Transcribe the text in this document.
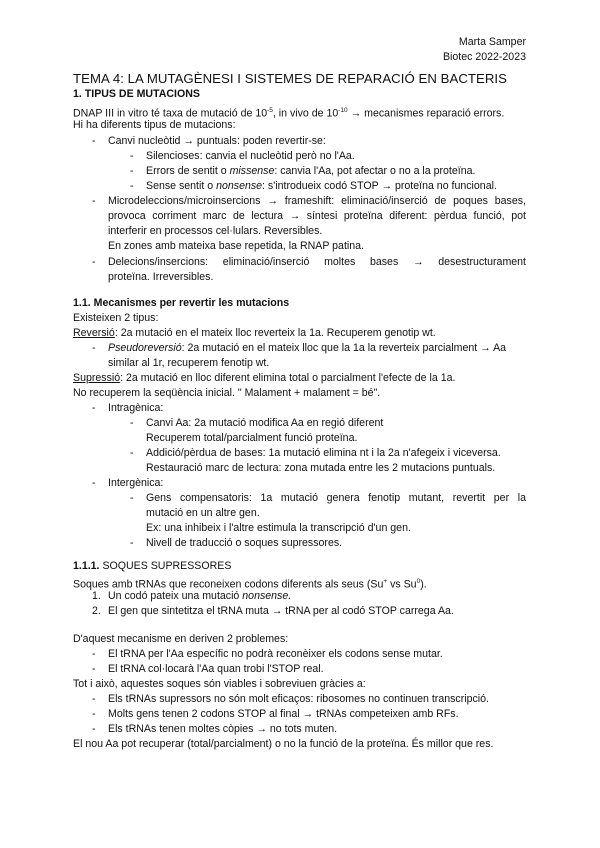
Marta Samper
Biotec 2022-2023
TEMA 4: LA MUTAGÈNESI I SISTEMES DE REPARACIÓ EN BACTERIS
1. TIPUS DE MUTACIONS
DNAP III in vitro té taxa de mutació de $10^{-5}$, in vivo de $10^{-10}$ → mecanismes reparació errors.
Hi ha diferents tipus de mutacions:
- Canvi nucleòtid → puntuals: poden revertir-se:
- Silencioses: canvia el nucleòtid però no l'Aa.
- Errors de sentit o missense: canvia l'Aa, pot afectar o no a la proteïna.
- Sense sentit o nonsense: s'introdueix codó STOP → proteïna no funcional.
- Microdeleccions/microinsercions → frameshift: eliminació/inserció de poques bases,
provoca corriment marc de lectura → síntesi proteïna diferent: pèrdua funció, pot
interferir en processos cel·lulars. Reversibles.
En zones amb mateixa base repetida, la RNAP patina.
- Delecions/insercions: eliminació/inserció moltes bases → desestructurament
proteïna. Irreversibles.
1.1. Mecanismes per revertir les mutacions
Existeixen 2 tipus:
Reversió: 2a mutació en el mateix lloc reverteix la 1a. Recuperem genotip wt.
- Pseudoreversió: 2a mutació en el mateix lloc que la 1a la reverteix parcialment → Aa
similar al 1r, recuperem fenotip wt.
Supressió: 2a mutació en lloc diferent elimina total o parcialment l'efecte de la 1a.
No recuperem la seqüència inicial. " Malament + malament = bé".
- Intragènica:
- Canvi Aa: 2a mutació modifica Aa en regió diferent
Recuperem total/parcialment funció proteïna.
- Addició/pèrdua de bases: 1a mutació elimina nt i la 2a n'afegeix i viceversa.
Restauració marc de lectura: zona mutada entre les 2 mutacions puntuals.
- Intergènica:
- Gens compensatoris: 1a mutació genera fenotip mutant, revertit per la
mutació en un altre gen.
Ex: una inhibeix i l'altre estimula la transcripció d'un gen.
- Nivell de traducció o soques supressores.
1.1.1. SOQUES SUPRESSORES
Soques amb tRNAs que reconeixen codons diferents als seus (Su+ vs Su$^0$).
1. Un codó pateix una mutació nonsense.
2. El gen que sintetitza el tRNA muta → tRNA per al codó STOP carrega Aa.
D'aquest mecanisme en deriven 2 problemes:
- El tRNA per l'Aa específic no podrà reconèixer els codons sense mutar.
- El tRNA col·locarà l'Aa quan trobi l'STOP real.
Tot i això, aquestes soques són viables i sobreviuen gràcies a:
- Els tRNAs supressors no són molt eficaços: ribosomes no continuen transcripció.
- Molts gens tenen 2 codons STOP al final → tRNAs competeixen amb RFs.
- Els tRNAs tenen moltes còpies → no tots muten.
El nou Aa pot recuperar (total/parcialment) o no la funció de la proteïna. És millor que res.
